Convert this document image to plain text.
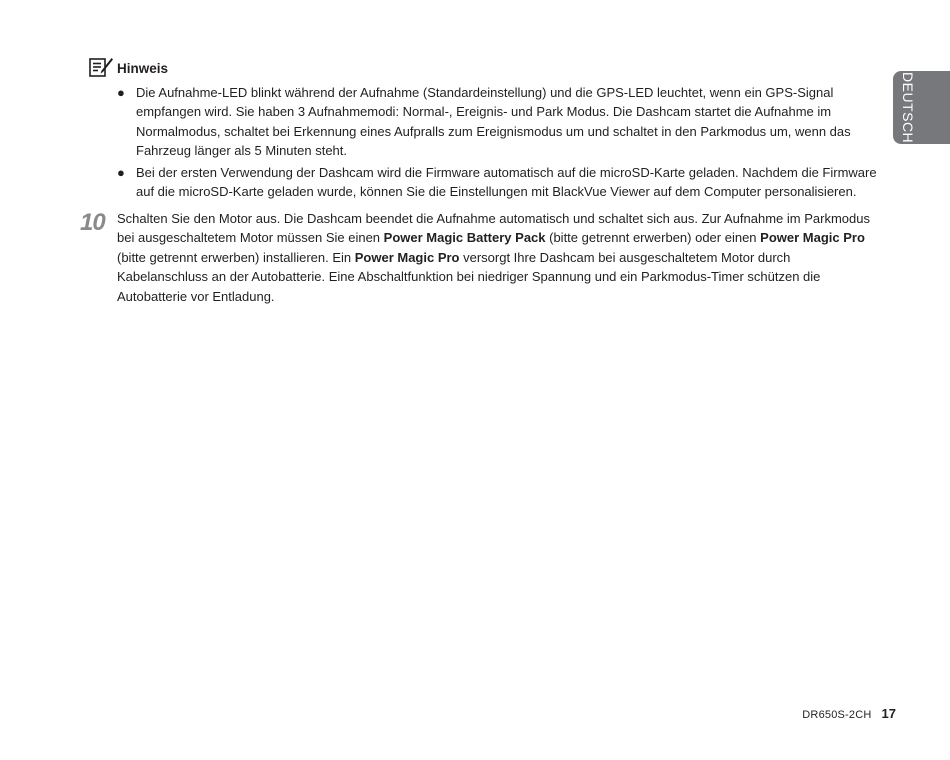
Hinweis
● Die Aufnahme-LED blinkt während der Aufnahme (Standardeinstellung) und die GPS-LED leuchtet, wenn ein GPS-Signal empfangen wird. Sie haben 3 Aufnahmemodi: Normal-, Ereignis- und Park Modus. Die Dashcam startet die Aufnahme im Normalmodus, schaltet bei Erkennung eines Aufpralls zum Ereignismodus um und schaltet in den Parkmodus um, wenn das Fahrzeug länger als 5 Minuten steht.
● Bei der ersten Verwendung der Dashcam wird die Firmware automatisch auf die microSD-Karte geladen. Nachdem die Firmware auf die microSD-Karte geladen wurde, können Sie die Einstellungen mit BlackVue Viewer auf dem Computer personalisieren.
10 Schalten Sie den Motor aus. Die Dashcam beendet die Aufnahme automatisch und schaltet sich aus. Zur Aufnahme im Parkmodus bei ausgeschaltetem Motor müssen Sie einen Power Magic Battery Pack (bitte getrennt erwerben) oder einen Power Magic Pro (bitte getrennt erwerben) installieren. Ein Power Magic Pro versorgt Ihre Dashcam bei ausgeschaltetem Motor durch Kabelanschluss an der Autobatterie. Eine Abschaltfunktion bei niedriger Spannung und ein Parkmodus-Timer schützen die Autobatterie vor Entladung.
DEUTSCH
DR650S-2CH 17
